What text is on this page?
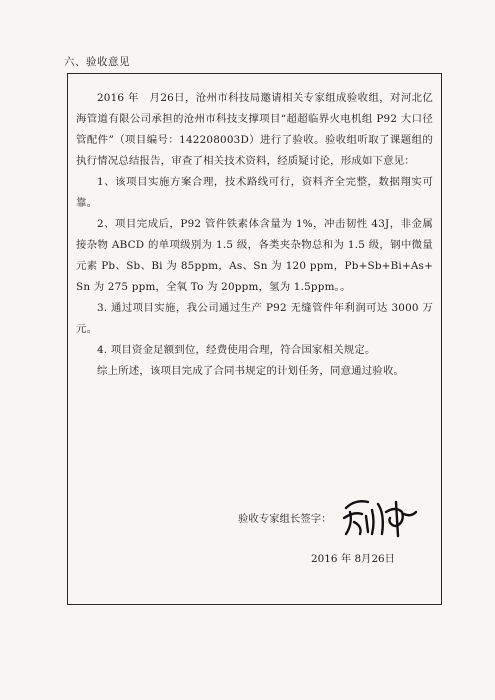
六、验收意见

2016 年　月26日，沧州市科技局邀请相关专家组成验收组，对河北亿海管道有限公司承担的沧州市科技支撑项目“超超临界火电机组 P92 大口径管配件”（项目编号：142208003D）进行了验收。验收组听取了课题组的执行情况总结报告，审查了相关技术资料，经质疑讨论，形成如下意见：

1、该项目实施方案合理，技术路线可行，资料齐全完整，数据翔实可靠。

2、项目完成后，P92 管件铁素体含量为 1%，冲击韧性 43J，非金属接杂物 ABCD 的单项级别为 1.5 级，各类夹杂物总和为 1.5 级，钢中微量元素 Pb、Sb、Bi 为 85ppm，As、Sn 为 120 ppm，Pb+Sb+Bi+As+Sn 为 275 ppm，全氧 To 为 20ppm，氢为 1.5ppm。。

3. 通过项目实施，我公司通过生产 P92 无缝管件年利润可达 3000 万元。

4. 项目资金足额到位，经费使用合理，符合国家相关规定。

综上所述，该项目完成了合同书规定的计划任务，同意通过验收。

验收专家组长签字：
2016 年 8月26日
